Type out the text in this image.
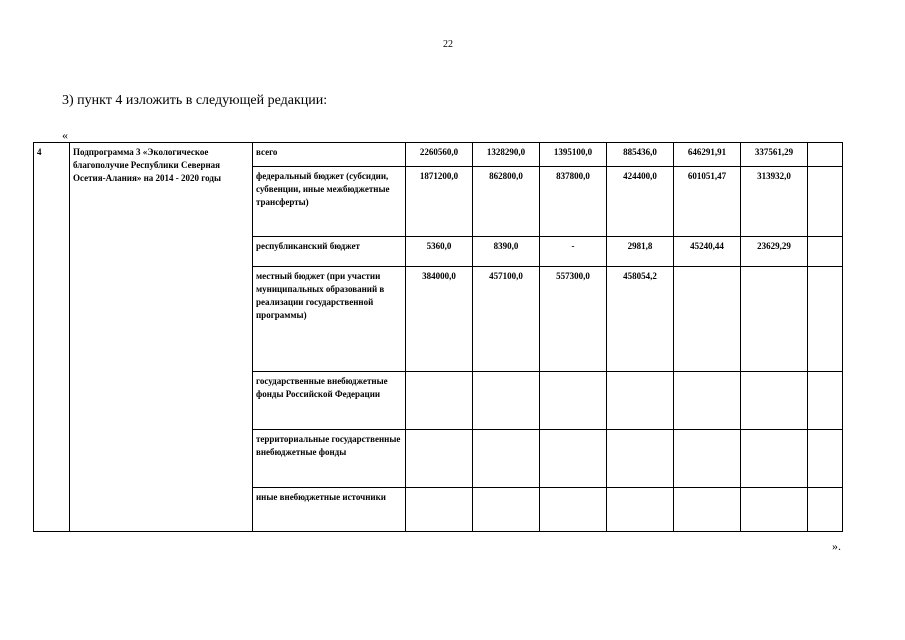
22
3) пункт 4 изложить в следующей редакции:
«
4	Подпрограмма 3 «Экологическое благополучие Республики Северная Осетия-Алания» на 2014 - 2020 годы	всего	2260560,0	1328290,0	1395100,0	885436,0	646291,91	337561,29	
		федеральный бюджет (субсидии, субвенции, иные межбюджетные трансферты)	1871200,0	862800,0	837800,0	424400,0	601051,47	313932,0	
		республиканский бюджет	5360,0	8390,0	-	2981,8	45240,44	23629,29	
		местный бюджет (при участии муниципальных образований в реализации государственной программы)	384000,0	457100,0	557300,0	458054,2			
		государственные внебюджетные фонды Российской Федерации							
		территориальные государственные внебюджетные фонды							
		иные внебюджетные источники							
».
